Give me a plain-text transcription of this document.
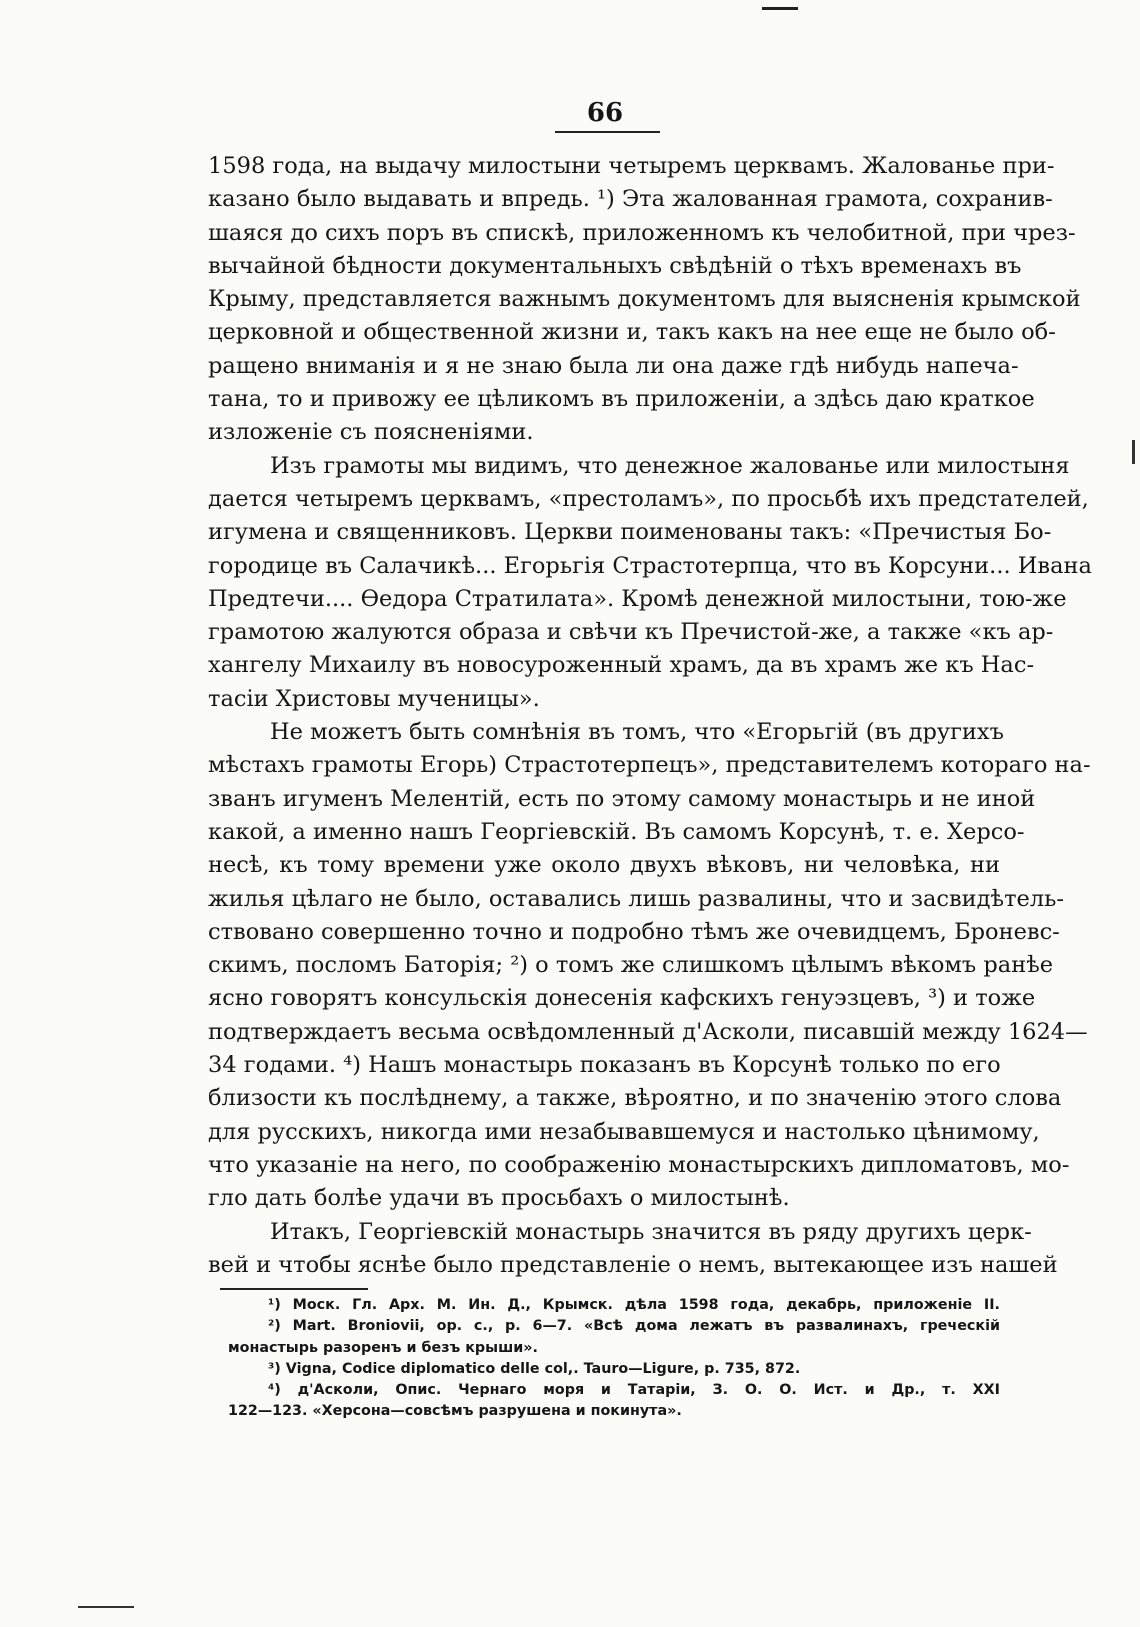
66

1598 года, на выдачу милостыни четыремъ церквамъ. Жалованье при-
казано было выдавать и впредь. ¹) Эта жалованная грамота, сохранив-
шаяся до сихъ поръ въ спискѣ, приложенномъ къ челобитной, при чрез-
вычайной бѣдности документальныхъ свѣдѣній о тѣхъ временахъ въ
Крыму, представляется важнымъ документомъ для выясненія крымской
церковной и общественной жизни и, такъ какъ на нее еще не было об-
ращено вниманія и я не знаю была ли она даже гдѣ нибудь напеча-
тана, то и привожу ее цѣликомъ въ приложеніи, а здѣсь даю краткое
изложеніе съ поясненіями.

Изъ грамоты мы видимъ, что денежное жалованье или милостыня
дается четыремъ церквамъ, «престоламъ», по просьбѣ ихъ предстателей,
игумена и священниковъ. Церкви поименованы такъ: «Пречистыя Бо-
городице въ Салачикѣ... Егорьгія Страстотерпца, что въ Корсуни... Ивана
Предтечи.... Өедора Стратилата». Кромѣ денежной милостыни, тою-же
грамотою жалуются образа и свѣчи къ Пречистой-же, а также «къ ар-
хангелу Михаилу въ новосуроженный храмъ, да въ храмъ же къ Нас-
тасіи Христовы мученицы».

Не можетъ быть сомнѣнія въ томъ, что «Егорьгій (въ другихъ
мѣстахъ грамоты Егорь) Страстотерпецъ», представителемъ котораго на-
званъ игуменъ Мелентій, есть по этому самому монастырь и не иной
какой, а именно нашъ Георгіевскій. Въ самомъ Корсунѣ, т. е. Херсо-
несѣ, къ тому времени уже около двухъ вѣковъ, ни человѣка, ни
жилья цѣлаго не было, оставались лишь развалины, что и засвидѣтель-
ствовано совершенно точно и подробно тѣмъ же очевидцемъ, Броневс-
скимъ, посломъ Баторія; ²) о томъ же слишкомъ цѣлымъ вѣкомъ ранѣе
ясно говорятъ консульскія донесенія кафскихъ генуэзцевъ, ³) и тоже
подтверждаетъ весьма освѣдомленный д'Асколи, писавшій между 1624—
34 годами. ⁴) Нашъ монастырь показанъ въ Корсунѣ только по его
близости къ послѣднему, а также, вѣроятно, и по значенію этого слова
для русскихъ, никогда ими незабывавшемуся и настолько цѣнимому,
что указаніе на него, по соображенію монастырскихъ дипломатовъ, мо-
гло дать болѣе удачи въ просьбахъ о милостынѣ.

Итакъ, Георгіевскій монастырь значится въ ряду другихъ церк-
вей и чтобы яснѣе было представленіе о немъ, вытекающее изъ нашей

¹) Моск. Гл. Арх. М. Ин. Д., Крымск. дѣла 1598 года, декабрь, приложеніе II.
²) Mart. Broniovii, op. c., p. 6—7. «Всѣ дома лежатъ въ развалинахъ, греческій
монастырь разоренъ и безъ крыши».
³) Vigna, Codice diplomatico delle col,. Tauro—Ligure, p. 735, 872.
⁴) д'Асколи, Опис. Чернаго моря и Татаріи, З. О. О. Ист. и Др., т. XXI
122—123. «Херсона—совсѣмъ разрушена и покинута».
